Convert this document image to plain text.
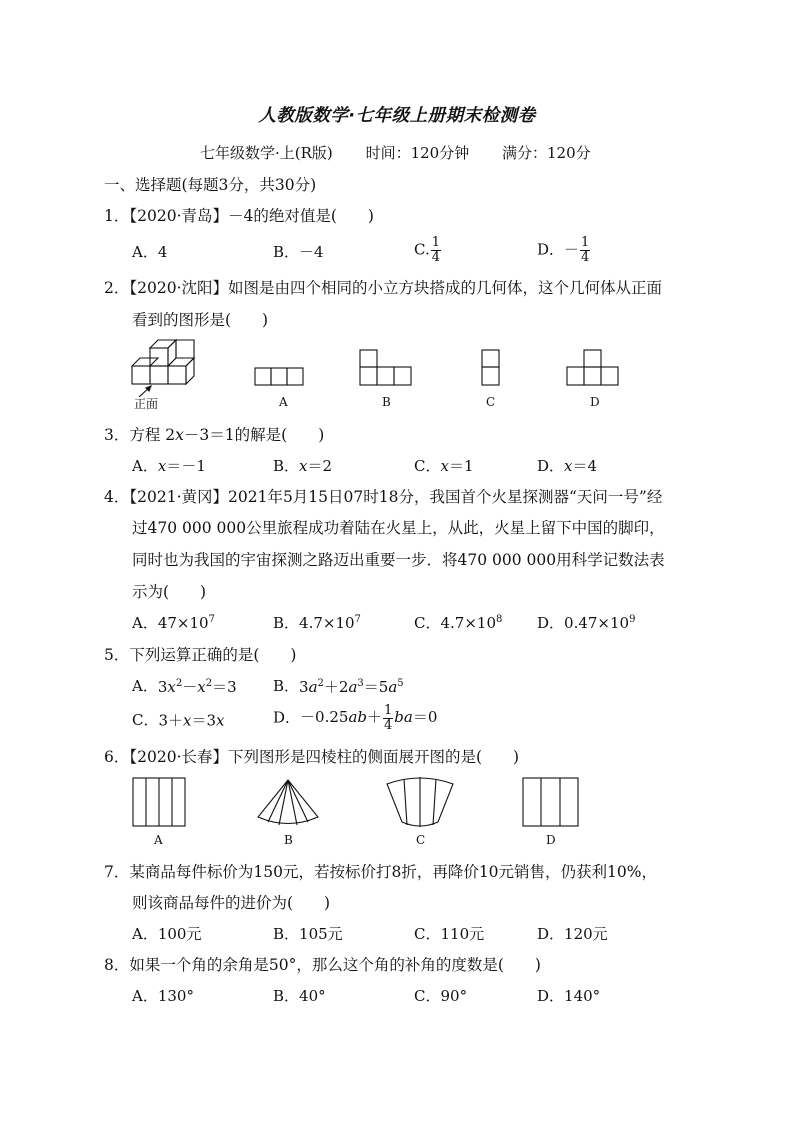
人教版数学·七年级上册期末检测卷
七年级数学·上(R版) 时间：120分钟 满分：120分
一、选择题(每题3分，共30分)
1．【2020·青岛】－4的绝对值是(　　)
A．4	B．－4	C. $\frac{1}{4}$	D．－ $\frac{1}{4}$
2．【2020·沈阳】如图是由四个相同的小立方块搭成的几何体，这个几何体从正面
看到的图形是(　　)
正面	A	B	C	D
3．方程 2x－3＝1的解是(　　)
A．x＝－1	B．x＝2	C．x＝1	D．x＝4
4．【2021·黄冈】2021年5月15日07时18分，我国首个火星探测器“天问一号”经
过470 000 000公里旅程成功着陆在火星上，从此，火星上留下中国的脚印，
同时也为我国的宇宙探测之路迈出重要一步．将470 000 000用科学记数法表
示为(　　)
A．$47\times 10^7$	B．$4.7\times 10^7$	C．$4.7\times 10^8$ D．$0.47\times 10^9$
5．下列运算正确的是(　　)
A．$3x^2-x^2=3$ B．$3a^2+2a^3=5a^5$
C．3＋x＝3x	D．$-0.25ab+ \frac{1}{4} ba=0$
6．【2020·长春】下列图形是四棱柱的侧面展开图的是(　　)
A	B	C	D
7．某商品每件标价为150元，若按标价打8折，再降价10元销售，仍获利10%，
则该商品每件的进价为(　　)
A．100元	B．105元	C．110元	D．120元
8．如果一个角的余角是50°，那么这个角的补角的度数是(　　)
A．130°	B．40°	C．90°	D．140°
